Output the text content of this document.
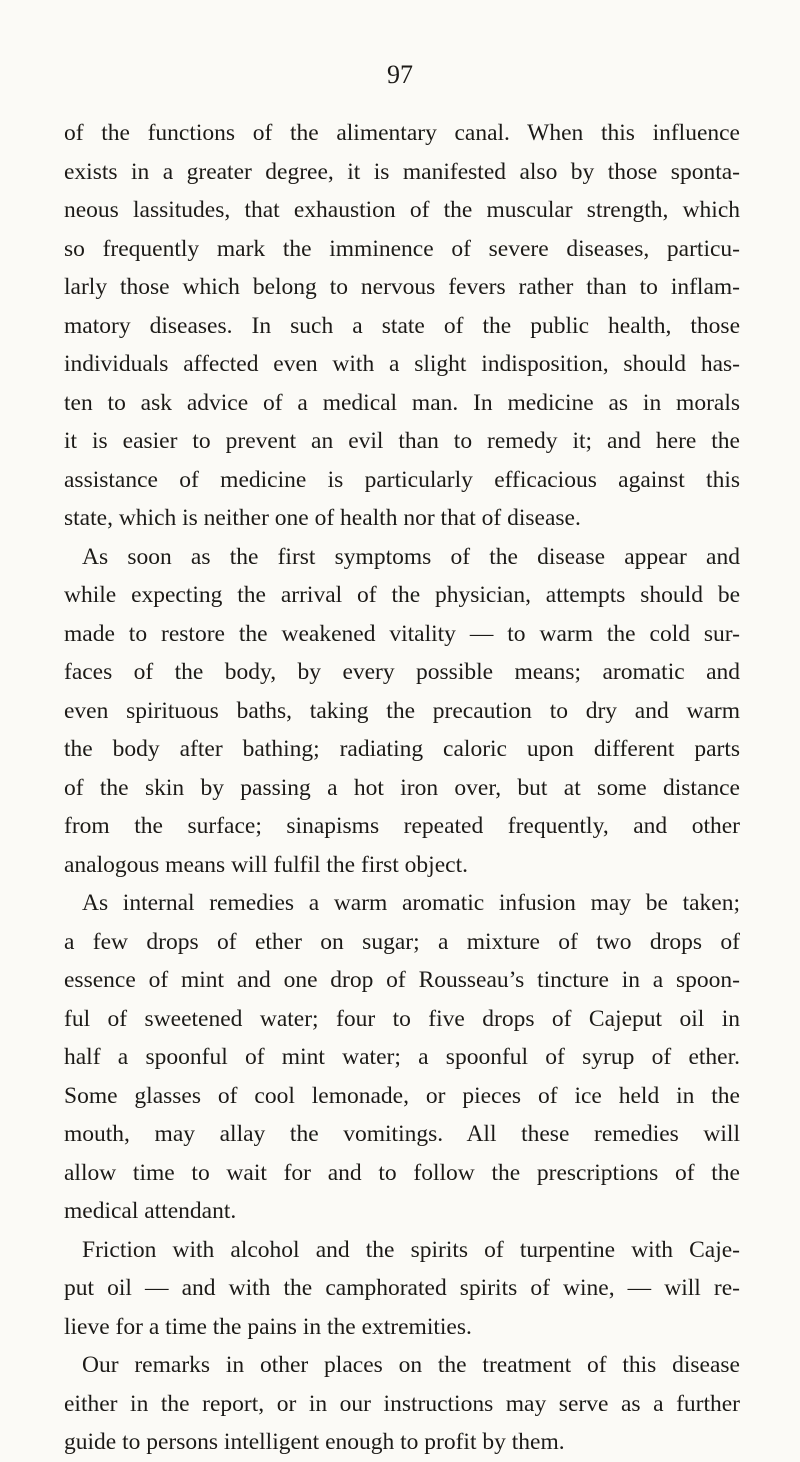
97
of the functions of the alimentary canal. When this influence
exists in a greater degree, it is manifested also by those sponta-
neous lassitudes, that exhaustion of the muscular strength, which
so frequently mark the imminence of severe diseases, particu-
larly those which belong to nervous fevers rather than to inflam-
matory diseases. In such a state of the public health, those
individuals affected even with a slight indisposition, should has-
ten to ask advice of a medical man. In medicine as in morals
it is easier to prevent an evil than to remedy it; and here the
assistance of medicine is particularly efficacious against this
state, which is neither one of health nor that of disease.
As soon as the first symptoms of the disease appear and
while expecting the arrival of the physician, attempts should be
made to restore the weakened vitality — to warm the cold sur-
faces of the body, by every possible means; aromatic and
even spirituous baths, taking the precaution to dry and warm
the body after bathing; radiating caloric upon different parts
of the skin by passing a hot iron over, but at some distance
from the surface; sinapisms repeated frequently, and other
analogous means will fulfil the first object.
As internal remedies a warm aromatic infusion may be taken;
a few drops of ether on sugar; a mixture of two drops of
essence of mint and one drop of Rousseau’s tincture in a spoon-
ful of sweetened water; four to five drops of Cajeput oil in
half a spoonful of mint water; a spoonful of syrup of ether.
Some glasses of cool lemonade, or pieces of ice held in the
mouth, may allay the vomitings. All these remedies will
allow time to wait for and to follow the prescriptions of the
medical attendant.
Friction with alcohol and the spirits of turpentine with Caje-
put oil — and with the camphorated spirits of wine, — will re-
lieve for a time the pains in the extremities.
Our remarks in other places on the treatment of this disease
either in the report, or in our instructions may serve as a further
guide to persons intelligent enough to profit by them.
